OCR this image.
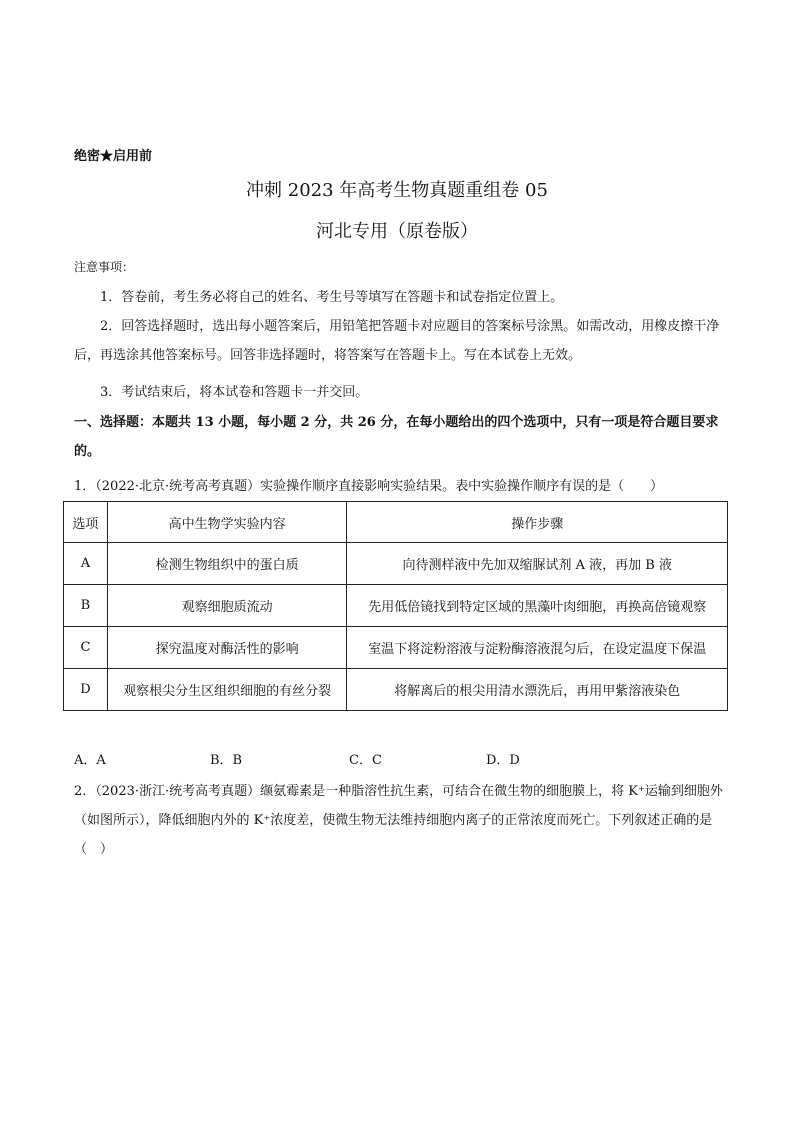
绝密★启用前
冲刺 2023 年高考生物真题重组卷 05
河北专用（原卷版）
注意事项：
1．答卷前，考生务必将自己的姓名、考生号等填写在答题卡和试卷指定位置上。
2．回答选择题时，选出每小题答案后，用铅笔把答题卡对应题目的答案标号涂黑。如需改动，用橡皮擦干净后，再选涂其他答案标号。回答非选择题时，将答案写在答题卡上。写在本试卷上无效。
3．考试结束后，将本试卷和答题卡一并交回。
一、选择题：本题共 13 小题，每小题 2 分，共 26 分，在每小题给出的四个选项中，只有一项是符合题目要求的。
1．（2022·北京·统考高考真题）实验操作顺序直接影响实验结果。表中实验操作顺序有误的是（　　）
选项	高中生物学实验内容	操作步骤
A	检测生物组织中的蛋白质	向待测样液中先加双缩脲试剂 A 液，再加 B 液
B	观察细胞质流动	先用低倍镜找到特定区域的黑藻叶肉细胞，再换高倍镜观察
C	探究温度对酶活性的影响	室温下将淀粉溶液与淀粉酶溶液混匀后，在设定温度下保温
D	观察根尖分生区组织细胞的有丝分裂	将解离后的根尖用清水漂洗后，再用甲紫溶液染色
A．A	B．B	C．C	D．D
2．（2023·浙江·统考高考真题）缬氨霉素是一种脂溶性抗生素，可结合在微生物的细胞膜上，将 K⁺运输到细胞外（如图所示），降低细胞内外的 K⁺浓度差，使微生物无法维持细胞内离子的正常浓度而死亡。下列叙述正确的是（　）
